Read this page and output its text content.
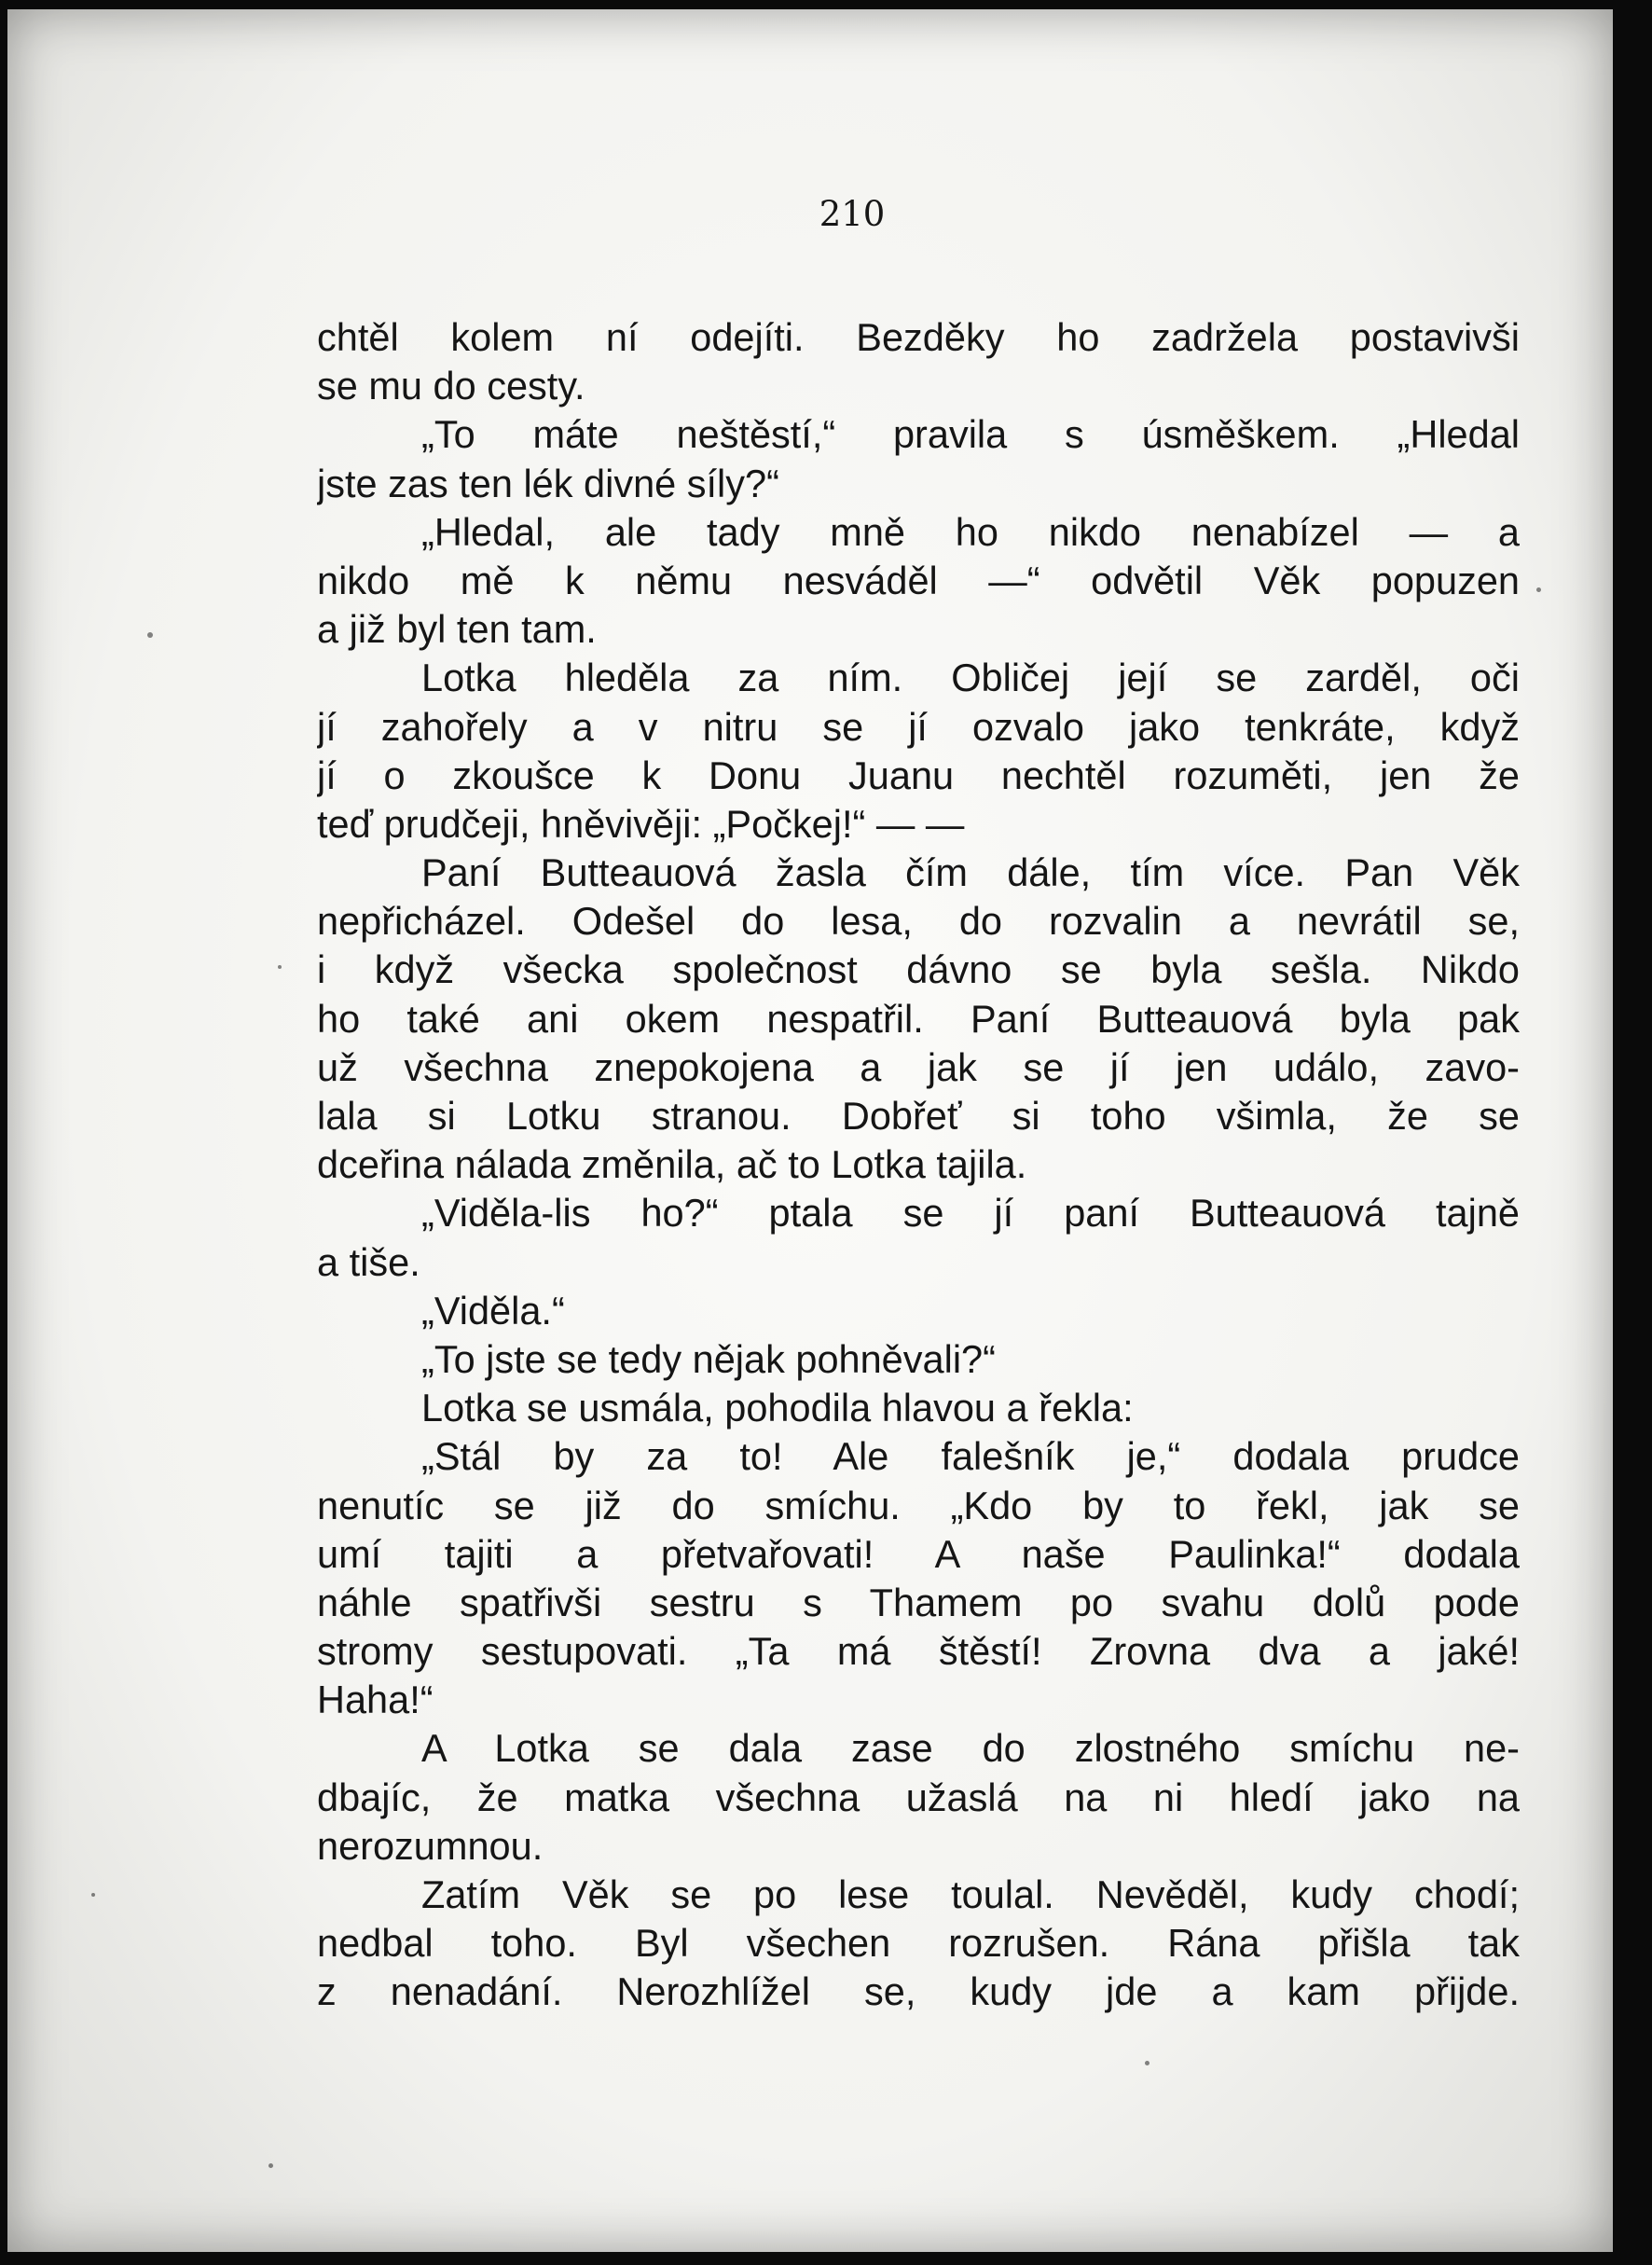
210
chtěl kolem ní odejíti. Bezděky ho zadržela postavivši
se mu do cesty.
„To máte neštěstí,“ pravila s úsměškem. „Hledal
jste zas ten lék divné síly?“
„Hledal, ale tady mně ho nikdo nenabízel — a
nikdo mě k němu nesváděl —“ odvětil Věk popuzen
a již byl ten tam.
Lotka hleděla za ním. Obličej její se zarděl, oči
jí zahořely a v nitru se jí ozvalo jako tenkráte, když
jí o zkoušce k Donu Juanu nechtěl rozuměti, jen že
teď prudčeji, hněvivěji: „Počkej!“ — —
Paní Butteauová žasla čím dále, tím více. Pan Věk
nepřicházel. Odešel do lesa, do rozvalin a nevrátil se,
i když všecka společnost dávno se byla sešla. Nikdo
ho také ani okem nespatřil. Paní Butteauová byla pak
už všechna znepokojena a jak se jí jen událo, zavo-
lala si Lotku stranou. Dobřeť si toho všimla, že se
dceřina nálada změnila, ač to Lotka tajila.
„Viděla-lis ho?“ ptala se jí paní Butteauová tajně
a tiše.
„Viděla.“
„To jste se tedy nějak pohněvali?“
Lotka se usmála, pohodila hlavou a řekla:
„Stál by za to! Ale falešník je,“ dodala prudce
nenutíc se již do smíchu. „Kdo by to řekl, jak se
umí tajiti a přetvařovati! A naše Paulinka!“ dodala
náhle spatřivši sestru s Thamem po svahu dolů pode
stromy sestupovati. „Ta má štěstí! Zrovna dva a jaké!
Haha!“
A Lotka se dala zase do zlostného smíchu ne-
dbajíc, že matka všechna užaslá na ni hledí jako na
nerozumnou.
Zatím Věk se po lese toulal. Nevěděl, kudy chodí;
nedbal toho. Byl všechen rozrušen. Rána přišla tak
z nenadání. Nerozhlížel se, kudy jde a kam přijde.
